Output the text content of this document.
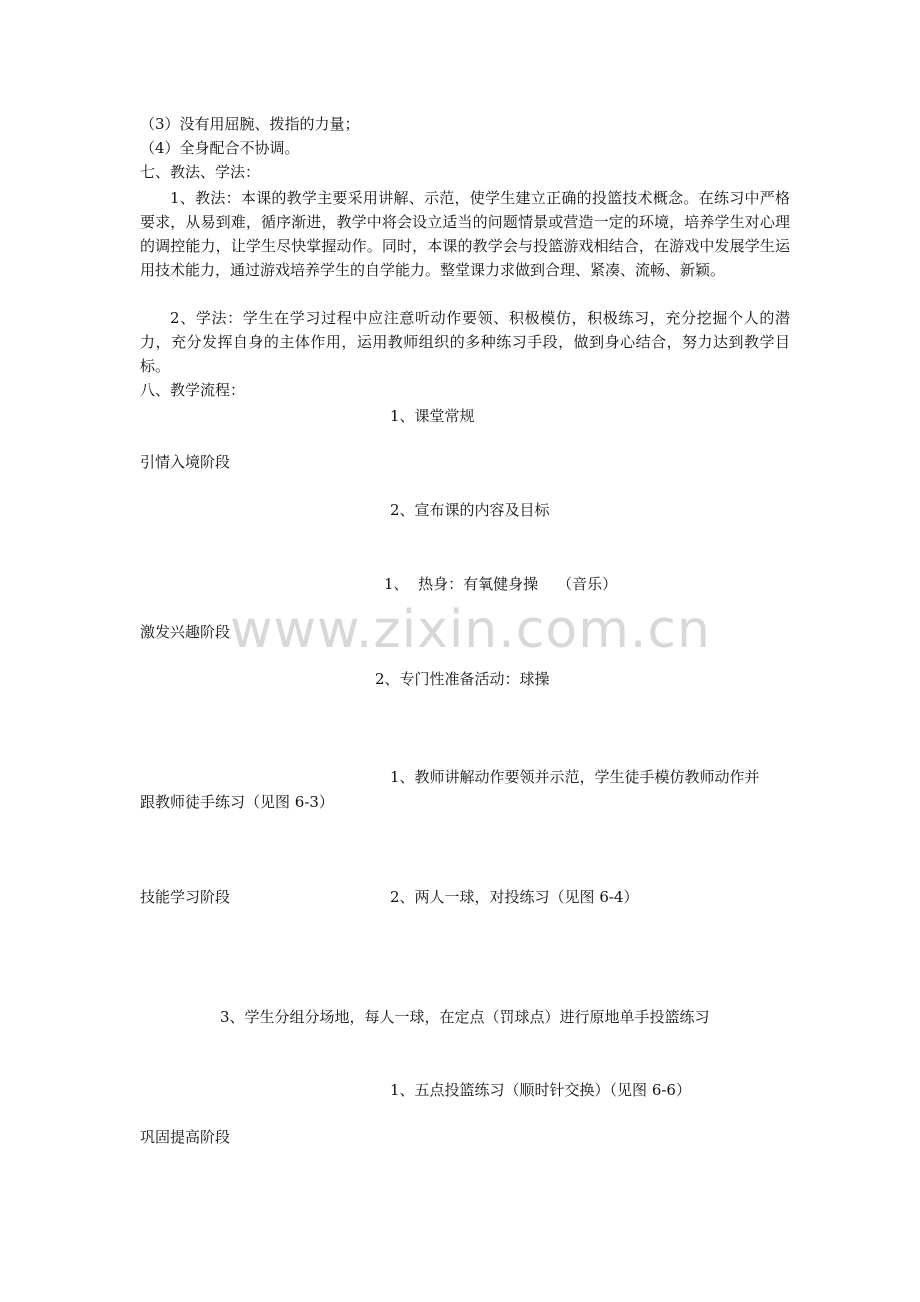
www.zixin.com.cn
（3）没有用屈腕、拨指的力量；
（4）全身配合不协调。
七、教法、学法：
1、教法：本课的教学主要采用讲解、示范，使学生建立正确的投篮技术概念。在练习中严格要求，从易到难，循序渐进，教学中将会设立适当的问题情景或营造一定的环境，培养学生对心理的调控能力，让学生尽快掌握动作。同时，本课的教学会与投篮游戏相结合，在游戏中发展学生运用技术能力，通过游戏培养学生的自学能力。整堂课力求做到合理、紧凑、流畅、新颖。
2、学法：学生在学习过程中应注意听动作要领、积极模仿，积极练习，充分挖掘个人的潜力，充分发挥自身的主体作用，运用教师组织的多种练习手段，做到身心结合，努力达到教学目标。
八、教学流程：
1、课堂常规
引情入境阶段
2、宣布课的内容及目标
1、  热身：有氧健身操    （音乐）
激发兴趣阶段
2、专门性准备活动：球操
1、教师讲解动作要领并示范，学生徒手模仿教师动作并
跟教师徒手练习（见图 6-3）
技能学习阶段	2、两人一球，对投练习（见图 6-4）
3、学生分组分场地，每人一球，在定点（罚球点）进行原地单手投篮练习
1、五点投篮练习（顺时针交换）（见图 6-6）
巩固提高阶段
